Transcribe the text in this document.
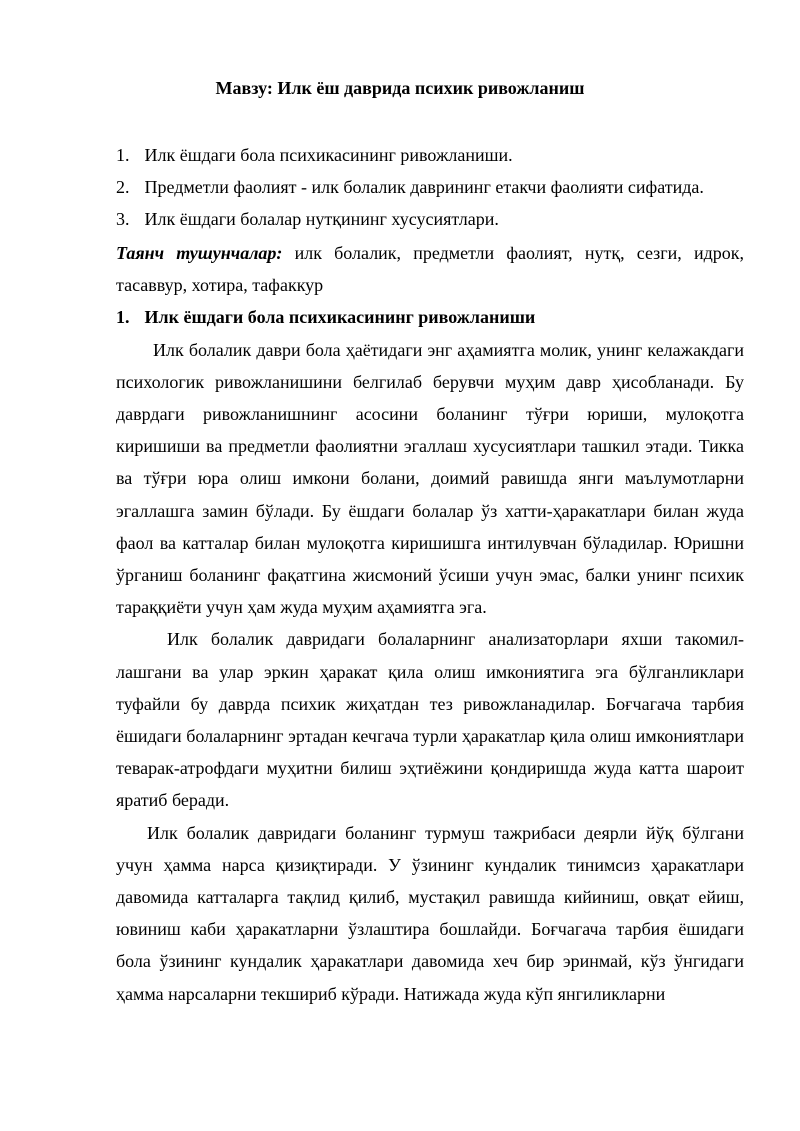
Мавзу: Илк ёш даврида психик ривожланиш
1. Илк ёшдаги бола психикасининг ривожланиши.
2. Предметли фаолият - илк болалик даврининг етакчи фаолияти сифатида.
3. Илк ёшдаги болалар нутқининг хусусиятлари.

Таянч тушунчалар: илк болалик, предметли фаолият, нутқ, сезги, идрок, тасаввур, хотира, тафаккур

1. Илк ёшдаги бола психикасининг ривожланиши

Илк болалик даври бола ҳаётидаги энг аҳамиятга молик, унинг келажакдаги психологик ривожланишини белгилаб берувчи муҳим давр ҳисобланади. Бу даврдаги ривожланишнинг асосини боланинг тўғри юриши, мулоқотга киришиши ва предметли фаолиятни эгаллаш хусусиятлари ташкил этади. Тикка ва тўғри юра олиш имкони болани, доимий равишда янги маълумотларни эгаллашга замин бўлади. Бу ёшдаги болалар ўз хатти-ҳаракатлари билан жуда фаол ва катталар билан мулоқотга киришишга интилувчан бўладилар. Юришни ўрганиш боланинг фақатгина жисмоний ўсиши учун эмас, балки унинг психик тараққиёти учун ҳам жуда муҳим аҳамиятга эга.

Илк болалик давридаги болаларнинг анализаторлари яхши такомил-лашгани ва улар эркин ҳаракат қила олиш имкониятига эга бўлганликлари туфайли бу даврда психик жиҳатдан тез ривожланадилар. Боғчагача тарбия ёшидаги болаларнинг эртадан кечгача турли ҳаракатлар қила олиш имкониятлари теварак-атрофдаги муҳитни билиш эҳтиёжини қондиришда жуда катта шароит яратиб беради.

Илк болалик давридаги боланинг турмуш тажрибаси деярли йўқ бўлгани учун ҳамма нарса қизиқтиради. У ўзининг кундалик тинимсиз ҳаракатлари давомида катталарга тақлид қилиб, мустақил равишда кийиниш, овқат ейиш, ювиниш каби ҳаракатларни ўзлаштира бошлайди. Боғчагача тарбия ёшидаги бола ўзининг кундалик ҳаракатлари давомида хеч бир эринмай, кўз ўнгидаги ҳамма нарсаларни текшириб кўради. Натижада жуда кўп янгиликларни
